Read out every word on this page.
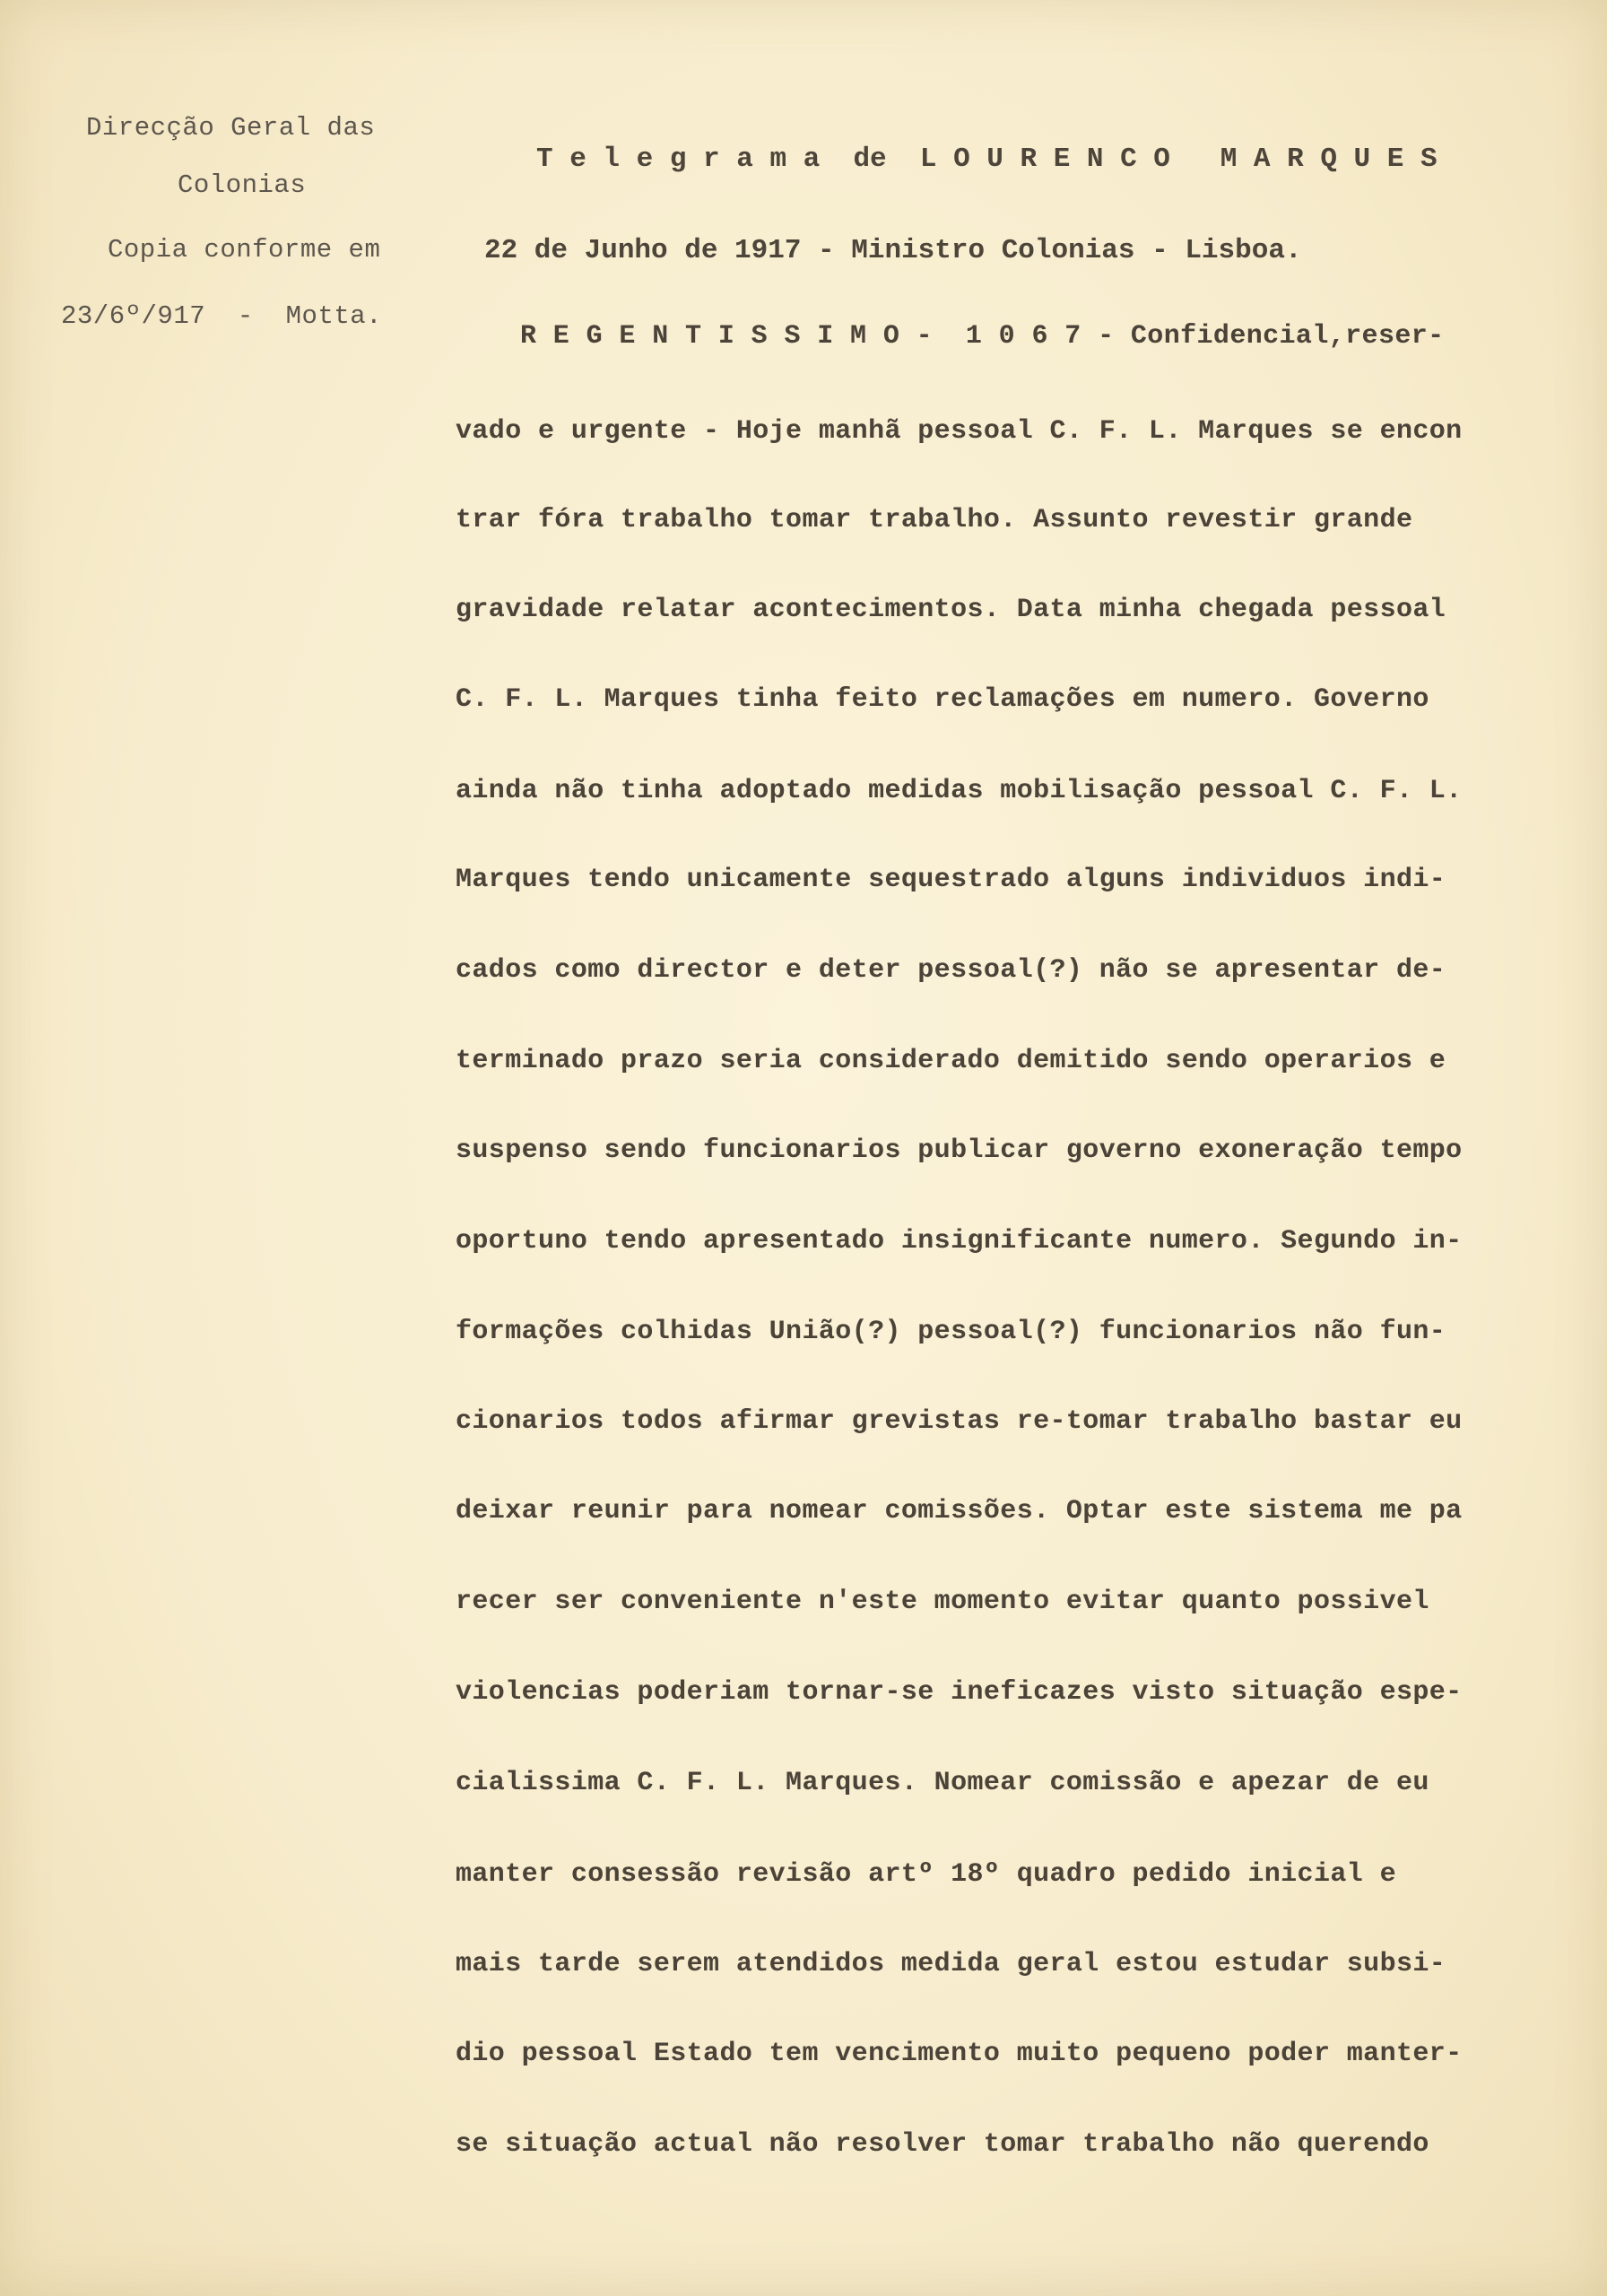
Direcção Geral das
Colonias
Copia conforme em
23/6º/917  -  Motta.
T e l e g r a m a  de  L O U R E N C O   M A R Q U E S
22 de Junho de 1917 - Ministro Colonias - Lisboa.
R E G E N T I S S I M O -  1 0 6 7 - Confidencial,reser-
vado e urgente - Hoje manhã pessoal C. F. L. Marques se encon
trar fóra trabalho tomar trabalho. Assunto revestir grande
gravidade relatar acontecimentos. Data minha chegada pessoal
C. F. L. Marques tinha feito reclamações em numero. Governo
ainda não tinha adoptado medidas mobilisação pessoal C. F. L.
Marques tendo unicamente sequestrado alguns individuos indi-
cados como director e deter pessoal(?) não se apresentar de-
terminado prazo seria considerado demitido sendo operarios e
suspenso sendo funcionarios publicar governo exoneração tempo
oportuno tendo apresentado insignificante numero. Segundo in-
formações colhidas União(?) pessoal(?) funcionarios não fun-
cionarios todos afirmar grevistas re-tomar trabalho bastar eu
deixar reunir para nomear comissões. Optar este sistema me pa
recer ser conveniente n'este momento evitar quanto possivel
violencias poderiam tornar-se ineficazes visto situação espe-
cialissima C. F. L. Marques. Nomear comissão e apezar de eu
manter consessão revisão artº 18º quadro pedido inicial e
mais tarde serem atendidos medida geral estou estudar subsi-
dio pessoal Estado tem vencimento muito pequeno poder manter-
se situação actual não resolver tomar trabalho não querendo
